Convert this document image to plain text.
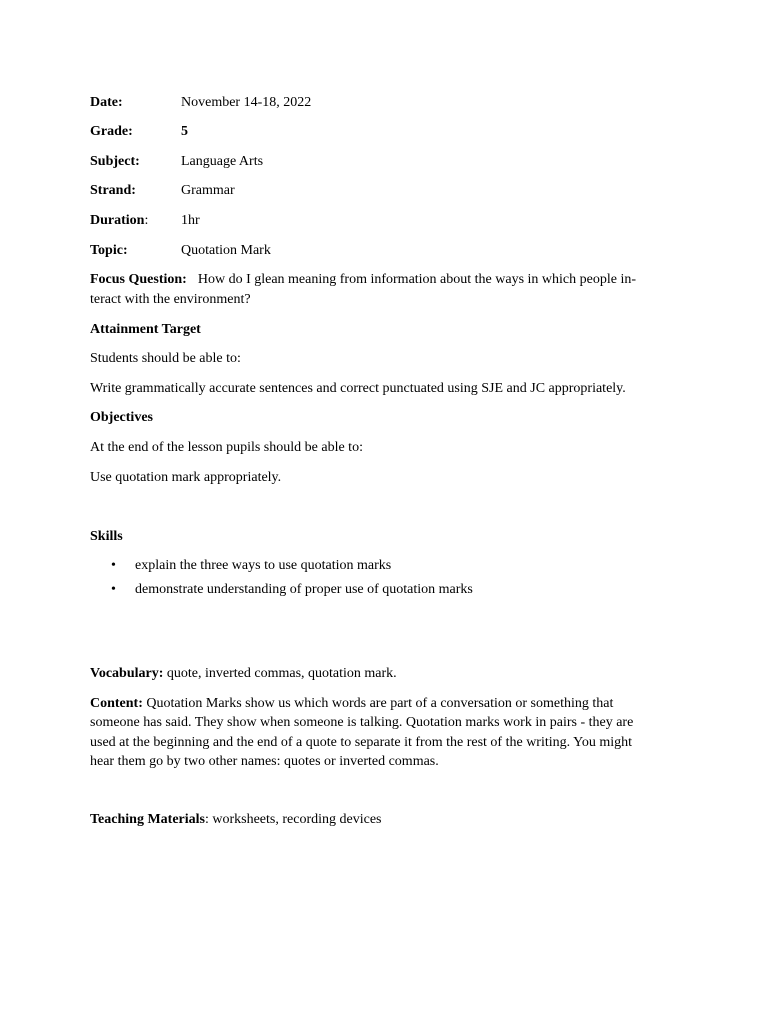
Date:	November 14-18, 2022
Grade:	5
Subject:	Language Arts
Strand:	Grammar
Duration: 1hr
Topic:	Quotation Mark
Focus Question: How do I glean meaning from information about the ways in which people in-
teract with the environment?
Attainment Target
Students should be able to:
Write grammatically accurate sentences and correct punctuated using SJE and JC appropriately.
Objectives
At the end of the lesson pupils should be able to:
Use quotation mark appropriately.
Skills
• explain the three ways to use quotation marks
• demonstrate understanding of proper use of quotation marks
Vocabulary: quote, inverted commas, quotation mark.
Content: Quotation Marks show us which words are part of a conversation or something that
someone has said. They show when someone is talking. Quotation marks work in pairs - they are
used at the beginning and the end of a quote to separate it from the rest of the writing. You might
hear them go by two other names: quotes or inverted commas.
Teaching Materials: worksheets, recording devices
